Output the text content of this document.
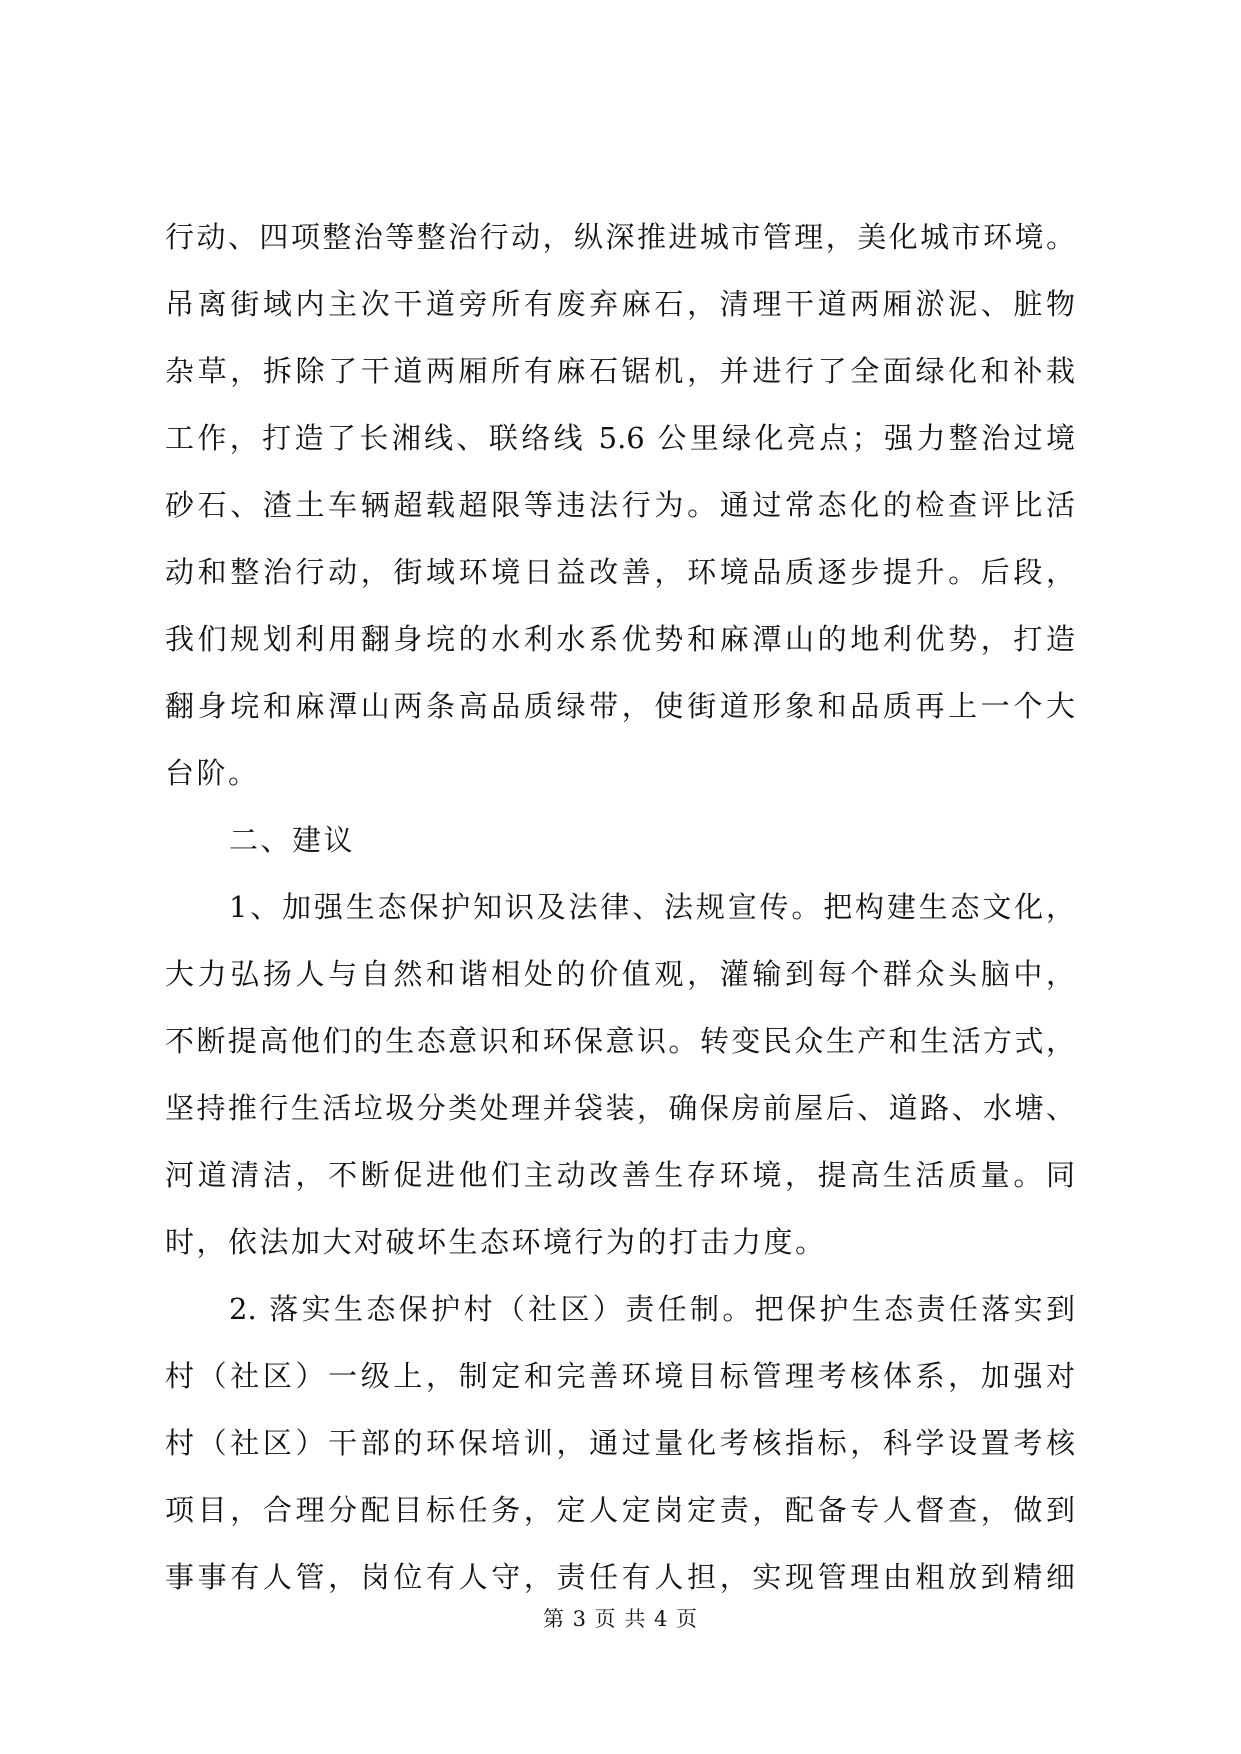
行动、四项整治等整治行动，纵深推进城市管理，美化城市环境。
吊离街域内主次干道旁所有废弃麻石，清理干道两厢淤泥、脏物
杂草，拆除了干道两厢所有麻石锯机，并进行了全面绿化和补栽
工作，打造了长湘线、联络线 5.6 公里绿化亮点；强力整治过境
砂石、渣土车辆超载超限等违法行为。通过常态化的检查评比活
动和整治行动，街域环境日益改善，环境品质逐步提升。后段，
我们规划利用翻身垸的水利水系优势和麻潭山的地利优势，打造
翻身垸和麻潭山两条高品质绿带，使街道形象和品质再上一个大
台阶。
二、建议
1、加强生态保护知识及法律、法规宣传。把构建生态文化，
大力弘扬人与自然和谐相处的价值观，灌输到每个群众头脑中，
不断提高他们的生态意识和环保意识。转变民众生产和生活方式，
坚持推行生活垃圾分类处理并袋装，确保房前屋后、道路、水塘、
河道清洁，不断促进他们主动改善生存环境，提高生活质量。同
时，依法加大对破坏生态环境行为的打击力度。
2. 落实生态保护村（社区）责任制。把保护生态责任落实到
村（社区）一级上，制定和完善环境目标管理考核体系，加强对
村（社区）干部的环保培训，通过量化考核指标，科学设置考核
项目，合理分配目标任务，定人定岗定责，配备专人督查，做到
事事有人管，岗位有人守，责任有人担，实现管理由粗放到精细
第 3 页 共 4 页
